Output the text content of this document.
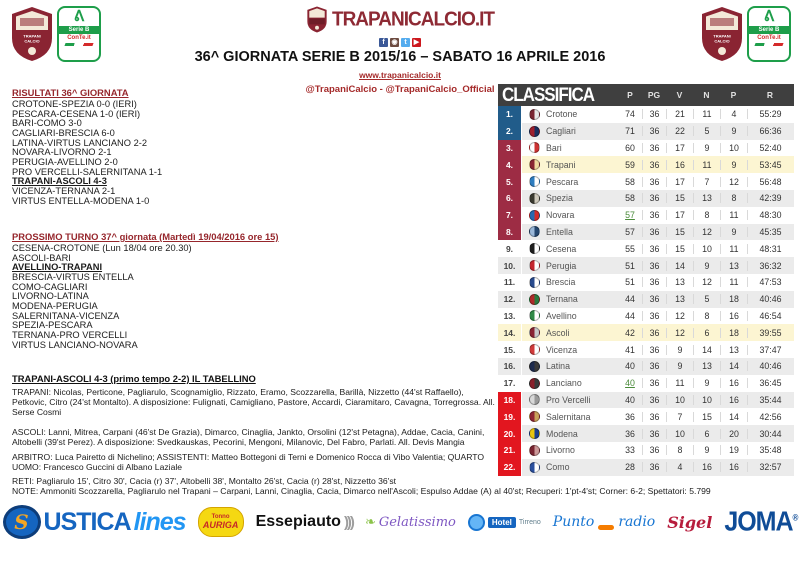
TRAPANI
CALCIO
ᕕ
Serie B
ConTe.it	TRAPANI
CALCIO
ᕕ
Serie B
ConTe.it
TRAPANICALCIO.IT
f ◉ t	▶
36^ GIORNATA SERIE B 2015/16 – SABATO 16 APRILE 2016
www.trapanicalcio.it
@TrapaniCalcio - @TrapaniCalcio_Official
RISULTATI 36^ GIORNATA
CROTONE-SPEZIA 0-0 (IERI)
PESCARA-CESENA 1-0 (IERI)
BARI-COMO 3-0
CAGLIARI-BRESCIA 6-0
LATINA-VIRTUS LANCIANO 2-2
NOVARA-LIVORNO 2-1
PERUGIA-AVELLINO 2-0
PRO VERCELLI-SALERNITANA 1-1
TRAPANI-ASCOLI 4-3
VICENZA-TERNANA 2-1
VIRTUS ENTELLA-MODENA 1-0
PROSSIMO TURNO 37^ giornata (Martedì 19/04/2016 ore 15)
CESENA-CROTONE (Lun 18/04 ore 20.30)
ASCOLI-BARI
AVELLINO-TRAPANI
BRESCIA-VIRTUS ENTELLA
COMO-CAGLIARI
LIVORNO-LATINA
MODENA-PERUGIA
SALERNITANA-VICENZA
SPEZIA-PESCARA
TERNANA-PRO VERCELLI
VIRTUS LANCIANO-NOVARA
TRAPANI-ASCOLI 4-3 (primo tempo 2-2) IL TABELLINO
TRAPANI: Nicolas, Perticone, Pagliarulo, Scognamiglio, Rizzato, Eramo, Scozzarella, Barillà, Nizzetto (44'st Raffaello), Petkovic, Citro (24'st Montalto). A disposizione: Fulignati, Camigliano, Pastore, Accardi, Ciaramitaro, Cavagna, Torregrossa. All. Serse Cosmi
ASCOLI: Lanni, Mitrea, Carpani (46'st De Grazia), Dimarco, Cinaglia, Jankto, Orsolini (12'st Petagna), Addae, Cacia, Canini, Altobelli (39'st Perez). A disposizione: Svedkauskas, Pecorini, Mengoni, Milanovic, Del Fabro, Parlati. All. Devis Mangia
ARBITRO: Luca Pairetto di Nichelino; ASSISTENTI: Matteo Bottegoni di Terni e Domenico Rocca di Vibo Valentia; QUARTO UOMO: Francesco Guccini di Albano Laziale
RETI: Pagliarulo 15', Citro 30', Cacia (r) 37', Altobelli 38', Montalto 26'st, Cacia (r) 28'st, Nizzetto 36'st
NOTE: Ammoniti Scozzarella, Pagliarulo nel Trapani – Carpani, Lanni, Cinaglia, Cacia, Dimarco nell'Ascoli; Espulso Addae (A) al 40'st; Recuperi: 1'pt-4'st; Corner: 6-2; Spettatori: 5.799
CLASSIFICA	P	PG	V	N	P	R
1.	Crotone	74	36	21	11	4	55:29
2.	Cagliari	71	36	22	5	9	66:36
3.	Bari	60	36	17	9	10	52:40
4.	Trapani	59	36	16	11	9	53:45
5.	Pescara	58	36	17	7	12	56:48
6.	Spezia	58	36	15	13	8	42:39
7.	Novara	57	36	17	8	11	48:30
8.	Entella	57	36	15	12	9	45:35
9.	Cesena	55	36	15	10	11	48:31
10.	Perugia	51	36	14	9	13	36:32
11.	Brescia	51	36	13	12	11	47:53
12.	Ternana	44	36	13	5	18	40:46
13.	Avellino	44	36	12	8	16	46:54
14.	Ascoli	42	36	12	6	18	39:55
15.	Vicenza	41	36	9	14	13	37:47
16.	Latina	40	36	9	13	14	40:46
17.	Lanciano	40	36	11	9	16	36:45
18.	Pro Vercelli	40	36	10	10	16	35:44
19.	Salernitana	36	36	7	15	14	42:56
20.	Modena	36	36	10	6	20	30:44
21.	Livorno	33	36	8	9	19	35:48
22.	Como	28	36	4	16	16	32:57
S USTICA lines	Tonno
AURIGA Essepiauto ))) ❧ Gelatissimo	Hotel	Tirreno Punto radio Sigel JOMA®
